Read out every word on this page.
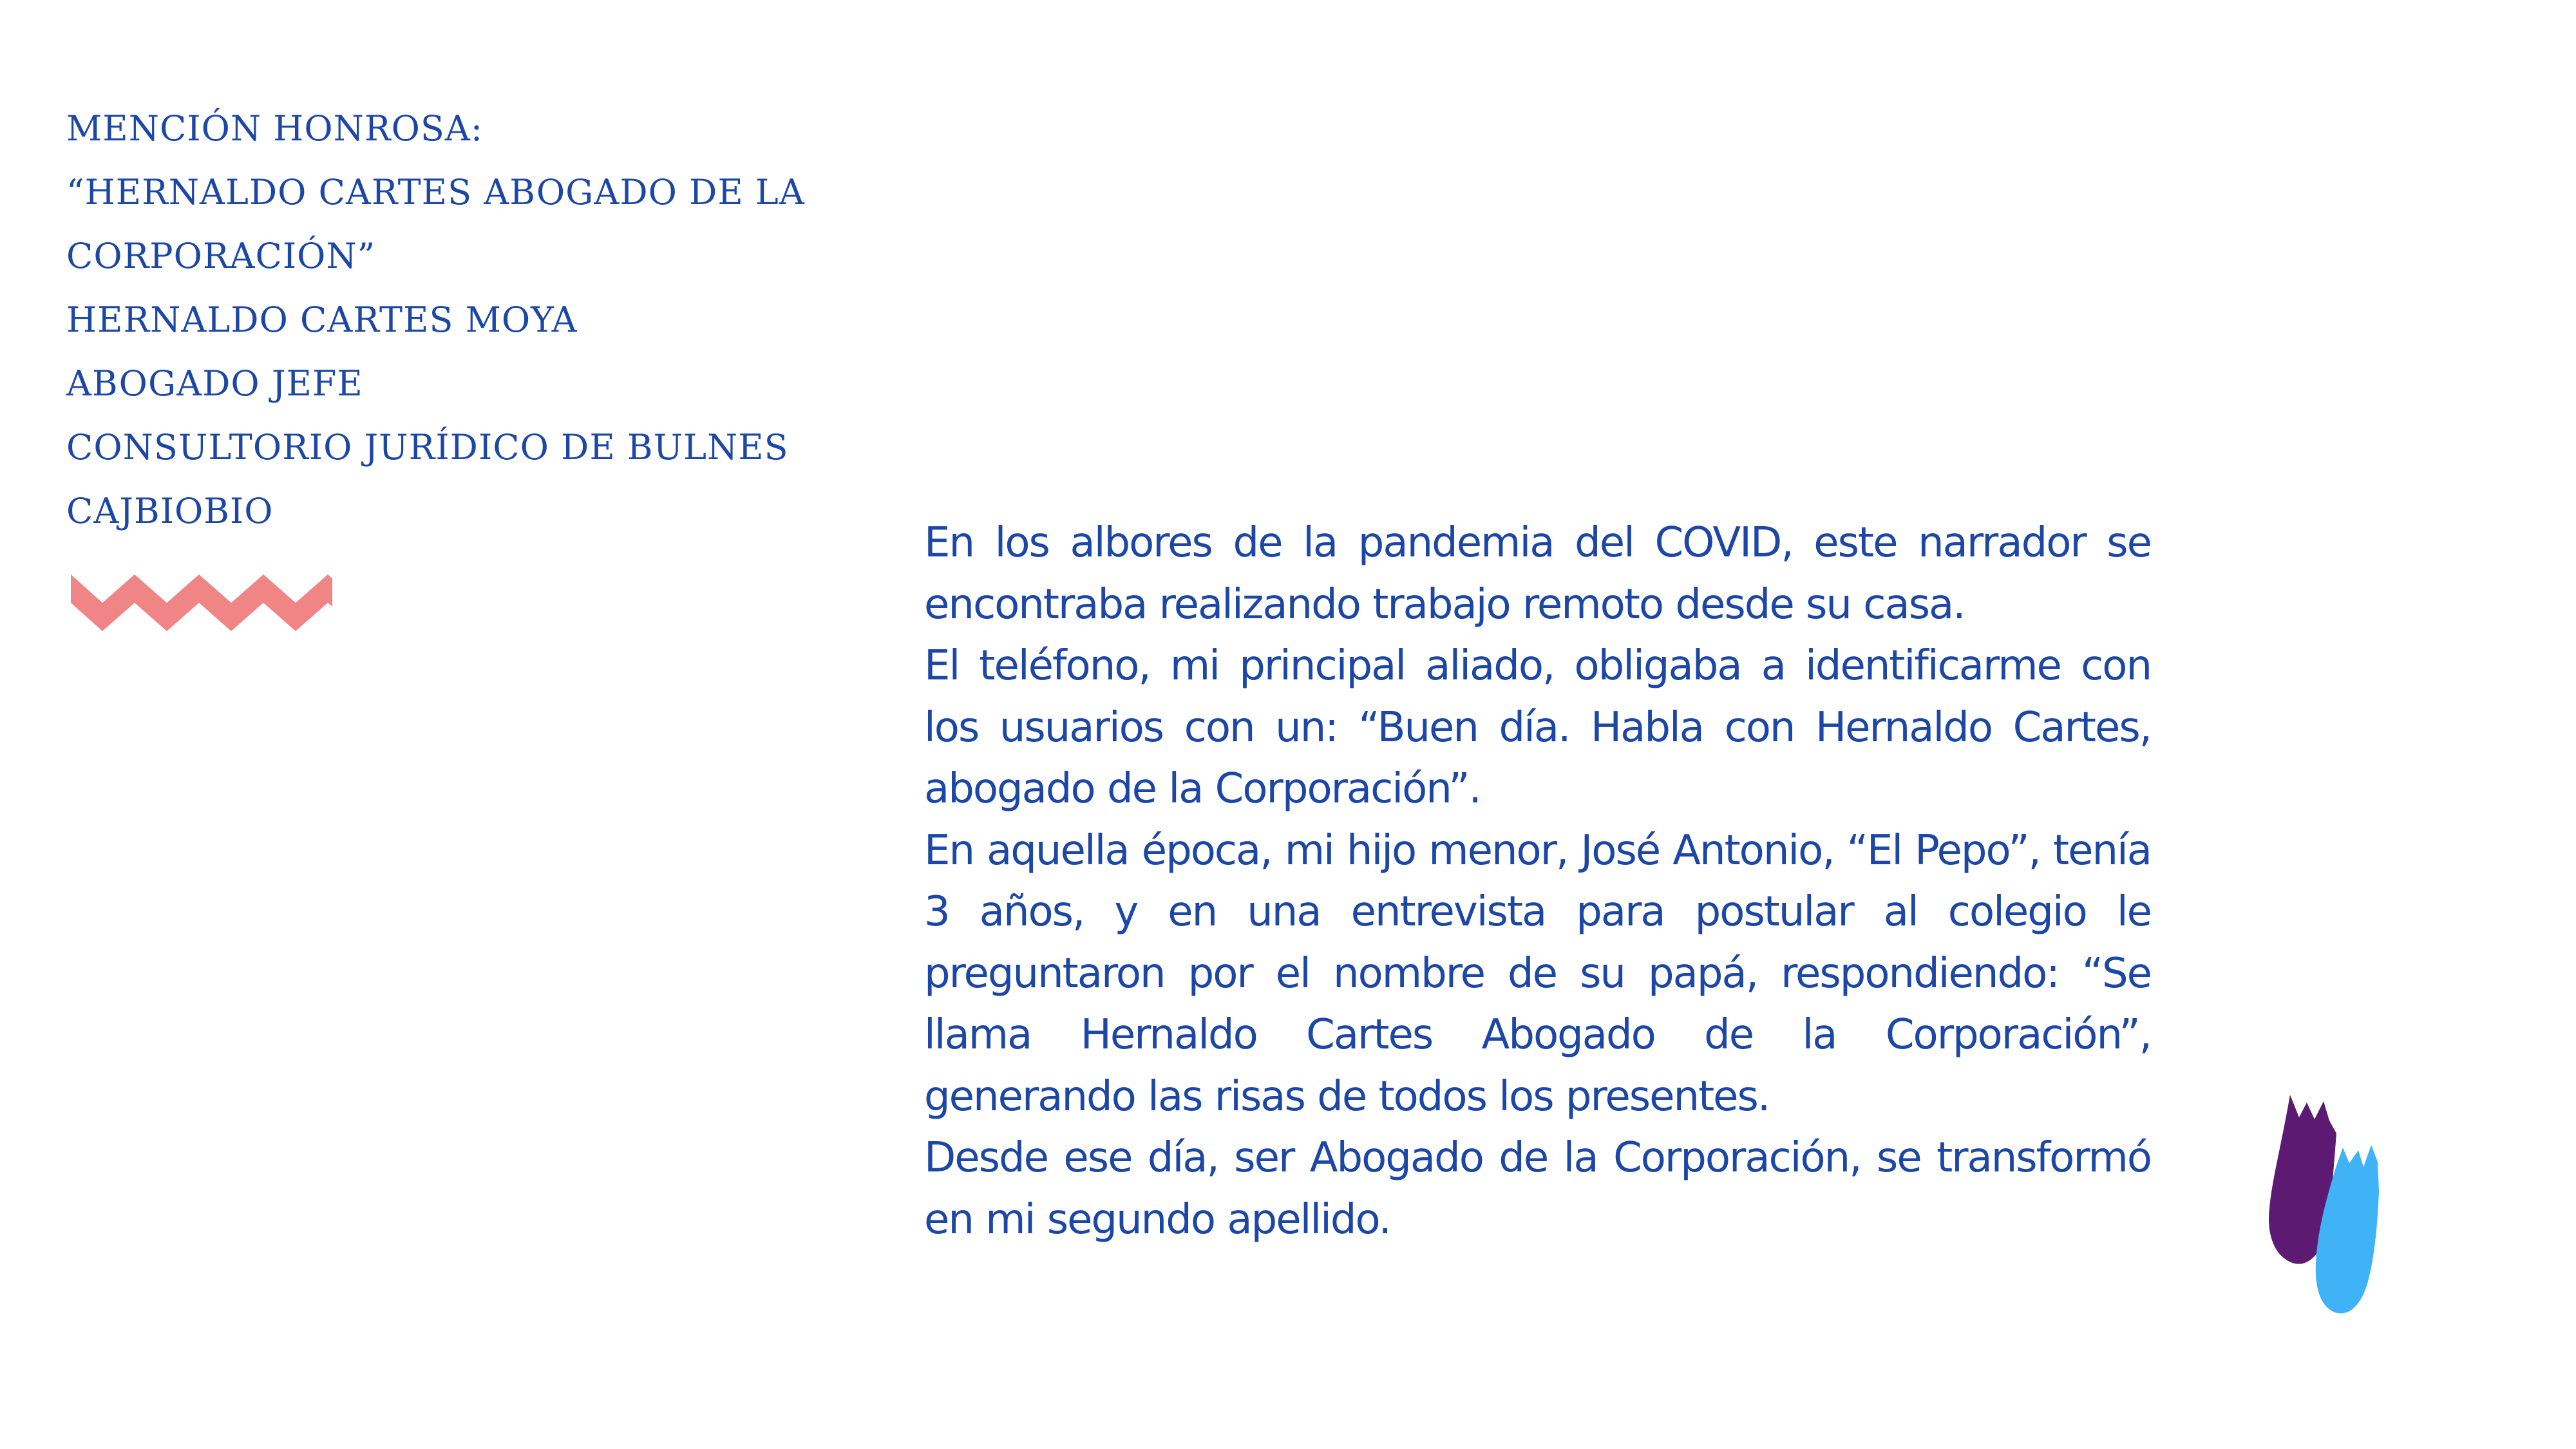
MENCIÓN HONROSA:
“HERNALDO CARTES ABOGADO DE LA
CORPORACIÓN”
HERNALDO CARTES MOYA
ABOGADO JEFE
CONSULTORIO JURÍDICO DE BULNES
CAJBIOBIO

En los albores de la pandemia del COVID, este narrador se encontraba realizando trabajo remoto desde su casa.

El teléfono, mi principal aliado, obligaba a identificarme con los usuarios con un: “Buen día. Habla con Hernaldo Cartes, abogado de la Corporación”.

En aquella época, mi hijo menor, José Antonio, “El Pepo”, tenía 3 años, y en una entrevista para postular al colegio le preguntaron por el nombre de su papá, respondiendo: “Se llama Hernaldo Cartes Abogado de la Corporación”, generando las risas de todos los presentes.

Desde ese día, ser Abogado de la Corporación, se transformó en mi segundo apellido.
